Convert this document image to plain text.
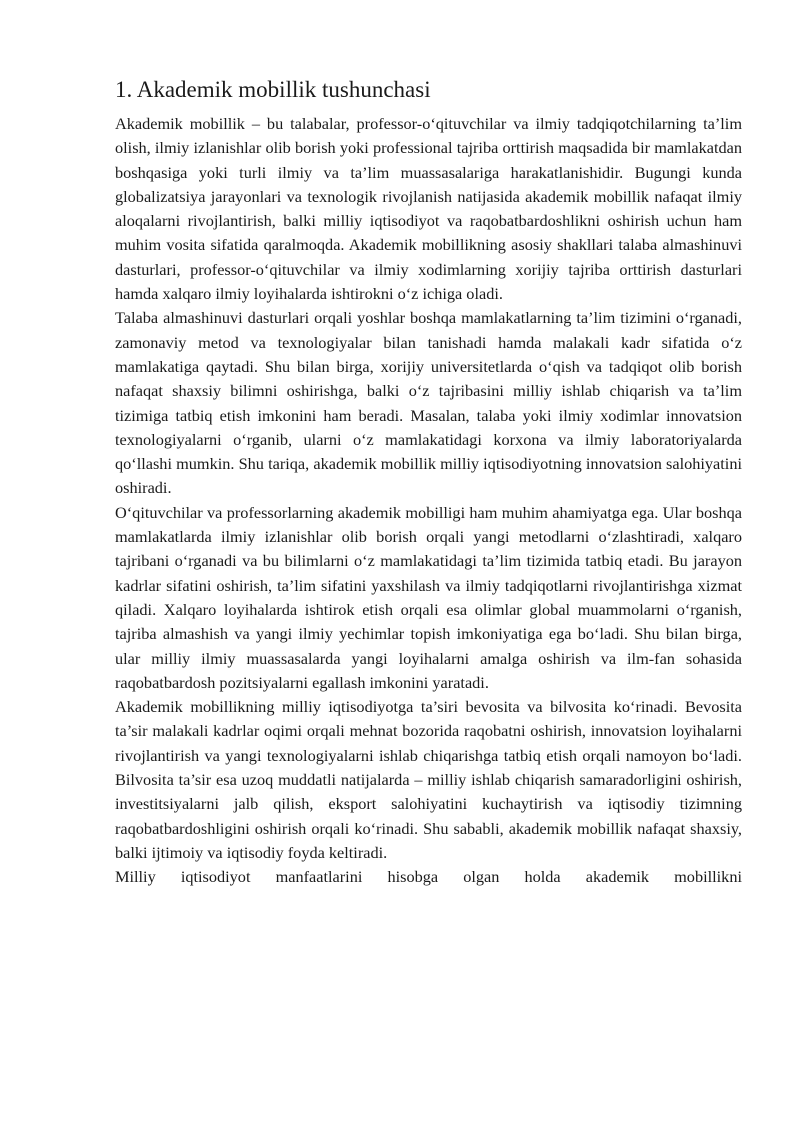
1. Akademik mobillik tushunchasi

Akademik mobillik – bu talabalar, professor-o‘qituvchilar va ilmiy tadqiqotchilarning ta’lim olish, ilmiy izlanishlar olib borish yoki professional tajriba orttirish maqsadida bir mamlakatdan boshqasiga yoki turli ilmiy va ta’lim muassasalariga harakatlanishidir. Bugungi kunda globalizatsiya jarayonlari va texnologik rivojlanish natijasida akademik mobillik nafaqat ilmiy aloqalarni rivojlantirish, balki milliy iqtisodiyot va raqobatbardoshlikni oshirish uchun ham muhim vosita sifatida qaralmoqda. Akademik mobillikning asosiy shakllari talaba almashinuvi dasturlari, professor-o‘qituvchilar va ilmiy xodimlarning xorijiy tajriba orttirish dasturlari hamda xalqaro ilmiy loyihalarda ishtirokni o‘z ichiga oladi.

Talaba almashinuvi dasturlari orqali yoshlar boshqa mamlakatlarning ta’lim tizimini o‘rganadi, zamonaviy metod va texnologiyalar bilan tanishadi hamda malakali kadr sifatida o‘z mamlakatiga qaytadi. Shu bilan birga, xorijiy universitetlarda o‘qish va tadqiqot olib borish nafaqat shaxsiy bilimni oshirishga, balki o‘z tajribasini milliy ishlab chiqarish va ta’lim tizimiga tatbiq etish imkonini ham beradi. Masalan, talaba yoki ilmiy xodimlar innovatsion texnologiyalarni o‘rganib, ularni o‘z mamlakatidagi korxona va ilmiy laboratoriyalarda qo‘llashi mumkin. Shu tariqa, akademik mobillik milliy iqtisodiyotning innovatsion salohiyatini oshiradi.

O‘qituvchilar va professorlarning akademik mobilligi ham muhim ahamiyatga ega. Ular boshqa mamlakatlarda ilmiy izlanishlar olib borish orqali yangi metodlarni o‘zlashtiradi, xalqaro tajribani o‘rganadi va bu bilimlarni o‘z mamlakatidagi ta’lim tizimida tatbiq etadi. Bu jarayon kadrlar sifatini oshirish, ta’lim sifatini yaxshilash va ilmiy tadqiqotlarni rivojlantirishga xizmat qiladi. Xalqaro loyihalarda ishtirok etish orqali esa olimlar global muammolarni o‘rganish, tajriba almashish va yangi ilmiy yechimlar topish imkoniyatiga ega bo‘ladi. Shu bilan birga, ular milliy ilmiy muassasalarda yangi loyihalarni amalga oshirish va ilm-fan sohasida raqobatbardosh pozitsiyalarni egallash imkonini yaratadi.

Akademik mobillikning milliy iqtisodiyotga ta’siri bevosita va bilvosita ko‘rinadi. Bevosita ta’sir malakali kadrlar oqimi orqali mehnat bozorida raqobatni oshirish, innovatsion loyihalarni rivojlantirish va yangi texnologiyalarni ishlab chiqarishga tatbiq etish orqali namoyon bo‘ladi. Bilvosita ta’sir esa uzoq muddatli natijalarda – milliy ishlab chiqarish samaradorligini oshirish, investitsiyalarni jalb qilish, eksport salohiyatini kuchaytirish va iqtisodiy tizimning raqobatbardoshligini oshirish orqali ko‘rinadi. Shu sababli, akademik mobillik nafaqat shaxsiy, balki ijtimoiy va iqtisodiy foyda keltiradi.

Milliy iqtisodiyot manfaatlarini hisobga olgan holda akademik mobillikni
